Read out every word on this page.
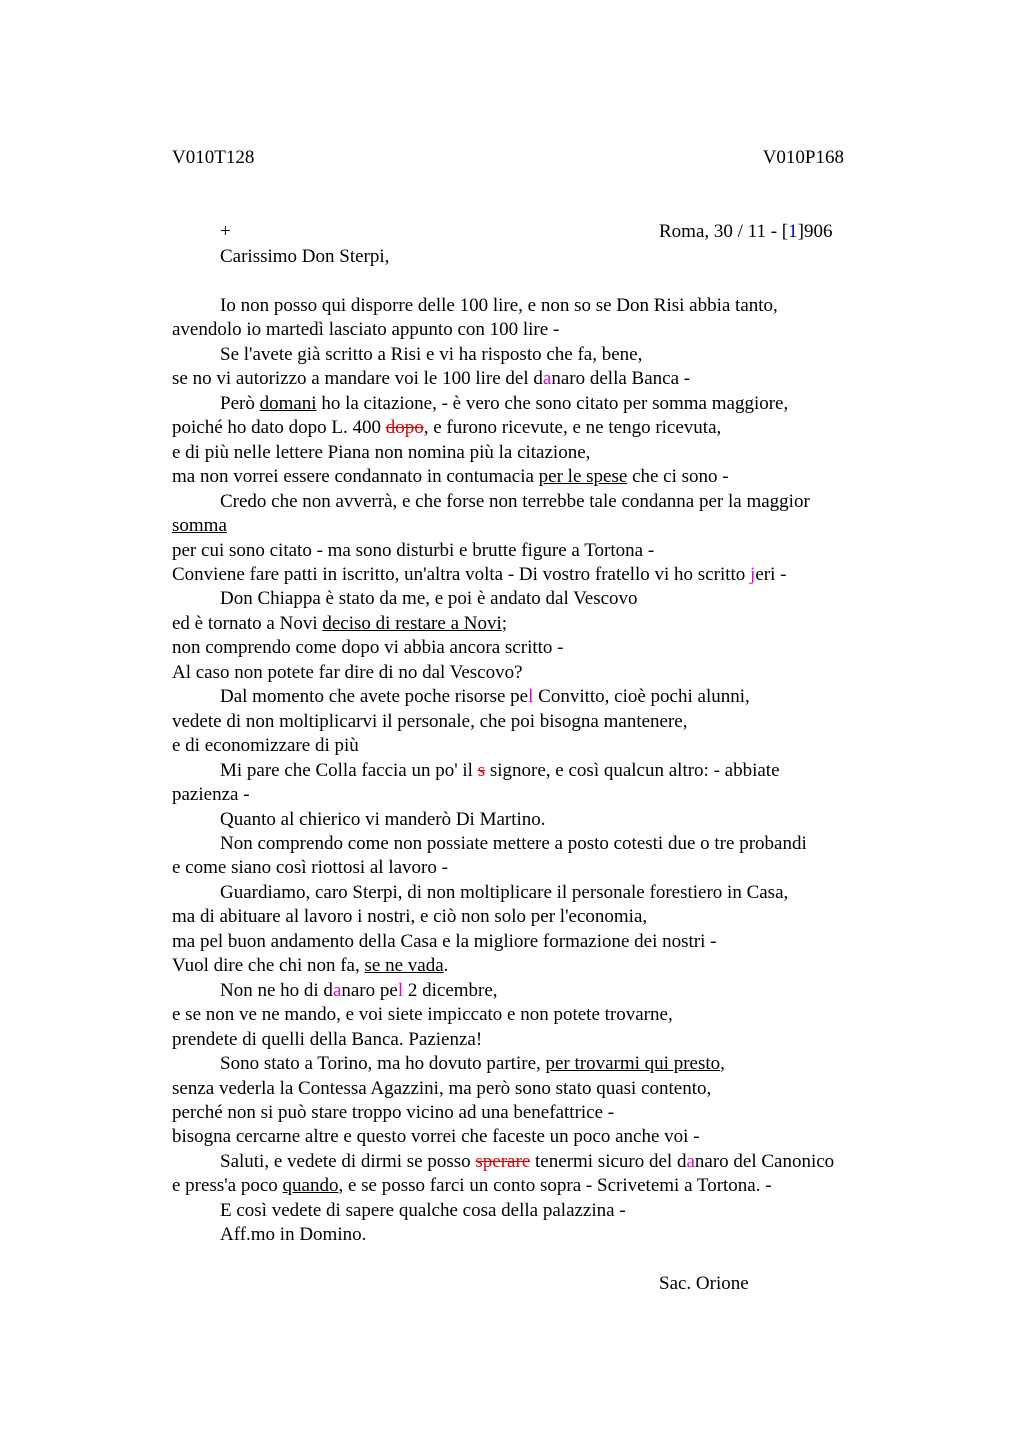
V010T128	V010P168
+	Roma, 30 / 11 - [1]906
Carissimo Don Sterpi,
Io non posso qui disporre delle 100 lire, e non so se Don Risi abbia tanto,
avendolo io martedì lasciato appunto con 100 lire -
Se l'avete già scritto a Risi e vi ha risposto che fa, bene,
se no vi autorizzo a mandare voi le 100 lire del danaro della Banca -
Però domani ho la citazione, - è vero che sono citato per somma maggiore,
poiché ho dato dopo L. 400 dopo, e furono ricevute, e ne tengo ricevuta,
e di più nelle lettere Piana non nomina più la citazione,
ma non vorrei essere condannato in contumacia per le spese che ci sono -
Credo che non avverrà, e che forse non terrebbe tale condanna per la maggior
somma
per cui sono citato - ma sono disturbi e brutte figure a Tortona -
Conviene fare patti in iscritto, un'altra volta - Di vostro fratello vi ho scritto jeri -
Don Chiappa è stato da me, e poi è andato dal Vescovo
ed è tornato a Novi deciso di restare a Novi;
non comprendo come dopo vi abbia ancora scritto -
Al caso non potete far dire di no dal Vescovo?
Dal momento che avete poche risorse pel Convitto, cioè pochi alunni,
vedete di non moltiplicarvi il personale, che poi bisogna mantenere,
e di economizzare di più
Mi pare che Colla faccia un po' il s signore, e così qualcun altro: - abbiate
pazienza -
Quanto al chierico vi manderò Di Martino.
Non comprendo come non possiate mettere a posto cotesti due o tre probandi
e come siano così riottosi al lavoro -
Guardiamo, caro Sterpi, di non moltiplicare il personale forestiero in Casa,
ma di abituare al lavoro i nostri, e ciò non solo per l'economia,
ma pel buon andamento della Casa e la migliore formazione dei nostri -
Vuol dire che chi non fa, se ne vada.
Non ne ho di danaro pel 2 dicembre,
e se non ve ne mando, e voi siete impiccato e non potete trovarne,
prendete di quelli della Banca. Pazienza!
Sono stato a Torino, ma ho dovuto partire, per trovarmi qui presto,
senza vederla la Contessa Agazzini, ma però sono stato quasi contento,
perché non si può stare troppo vicino ad una benefattrice -
bisogna cercarne altre e questo vorrei che faceste un poco anche voi -
Saluti, e vedete di dirmi se posso sperare tenermi sicuro del danaro del Canonico
e press'a poco quando, e se posso farci un conto sopra - Scrivetemi a Tortona. -
E così vedete di sapere qualche cosa della palazzina -
Aff.mo in Domino.
Sac. Orione
